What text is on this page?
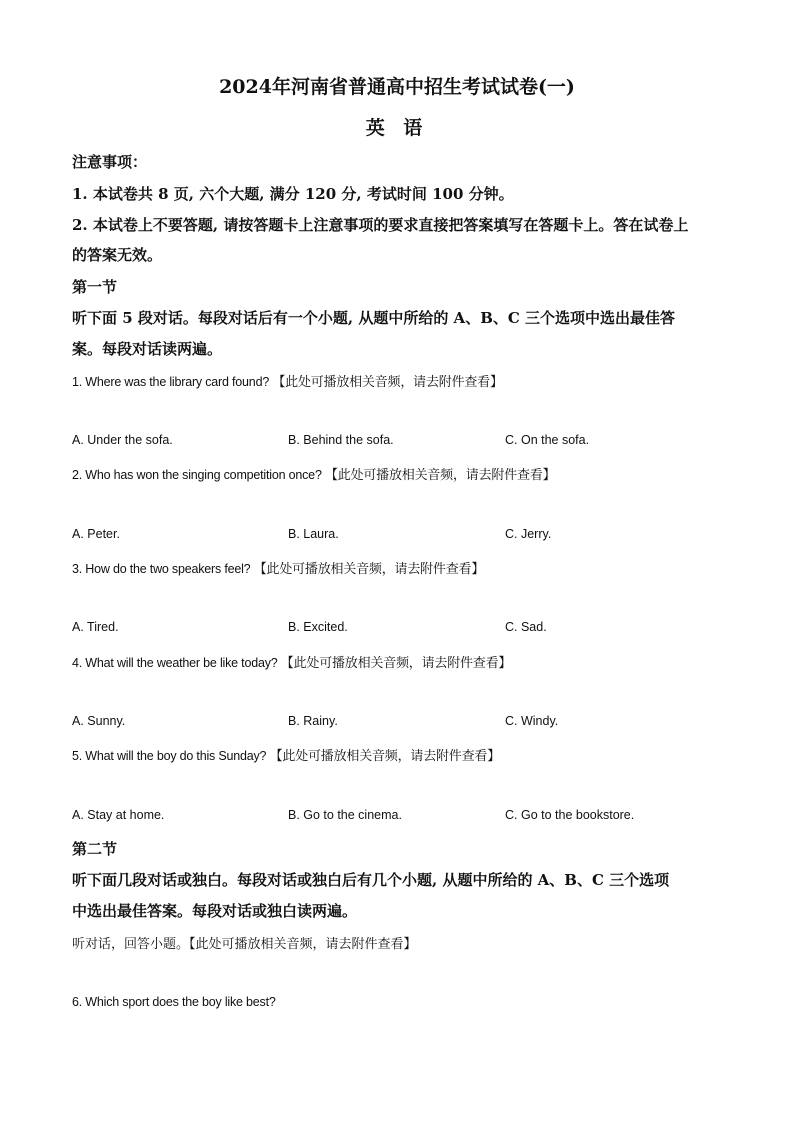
2024年河南省普通高中招生考试试卷(一)
英 语
注意事项：
1. 本试卷共 8 页, 六个大题, 满分 120 分, 考试时间 100 分钟。
2. 本试卷上不要答题, 请按答题卡上注意事项的要求直接把答案填写在答题卡上。答在试卷上
的答案无效。
第一节
听下面 5 段对话。每段对话后有一个小题, 从题中所给的 A、B、C 三个选项中选出最佳答
案。每段对话读两遍。
1. Where was the library card found? 【此处可播放相关音频，请去附件查看】
A. Under the sofa.	B. Behind the sofa.	C. On the sofa.
2. Who has won the singing competition once? 【此处可播放相关音频，请去附件查看】
A. Peter.	B. Laura.	C. Jerry.
3. How do the two speakers feel? 【此处可播放相关音频，请去附件查看】
A. Tired.	B. Excited.	C. Sad.
4. What will the weather be like today? 【此处可播放相关音频，请去附件查看】
A. Sunny.	B. Rainy.	C. Windy.
5. What will the boy do this Sunday? 【此处可播放相关音频，请去附件查看】
A. Stay at home.	B. Go to the cinema.	C. Go to the bookstore.
第二节
听下面几段对话或独白。每段对话或独白后有几个小题, 从题中所给的 A、B、C 三个选项
中选出最佳答案。每段对话或独白读两遍。
听对话，回答小题。【此处可播放相关音频，请去附件查看】
6. Which sport does the boy like best?
